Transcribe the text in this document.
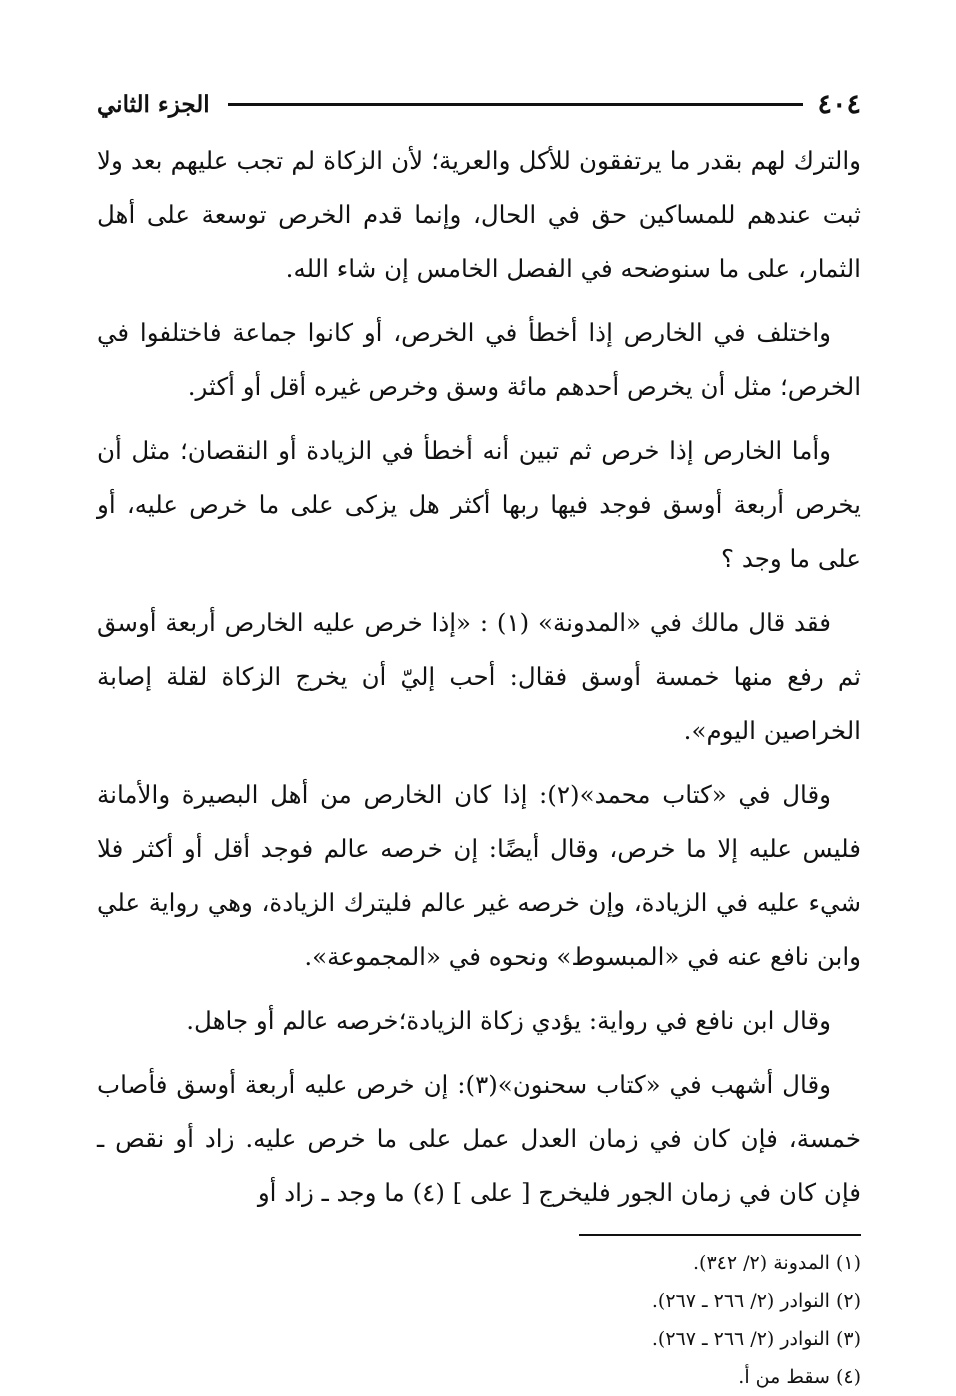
٤٠٤
الجزء الثاني

والترك لهم بقدر ما يرتفقون للأكل والعرية؛ لأن الزكاة لم تجب عليهم بعد ولا ثبت عندهم للمساكين حق في الحال، وإنما قدم الخرص توسعة على أهل الثمار، على ما سنوضحه في الفصل الخامس إن شاء الله.

واختلف في الخارص إذا أخطأ في الخرص، أو كانوا جماعة فاختلفوا في الخرص؛ مثل أن يخرص أحدهم مائة وسق وخرص غيره أقل أو أكثر.

وأما الخارص إذا خرص ثم تبين أنه أخطأ في الزيادة أو النقصان؛ مثل أن يخرص أربعة أوسق فوجد فيها ربها أكثر هل يزكى على ما خرص عليه، أو على ما وجد ؟

فقد قال مالك في «المدونة» (١) : «إذا خرص عليه الخارص أربعة أوسق ثم رفع منها خمسة أوسق فقال: أحب إليّ أن يخرج الزكاة لقلة إصابة الخراصين اليوم».

وقال في «كتاب محمد»(٢): إذا كان الخارص من أهل البصيرة والأمانة فليس عليه إلا ما خرص، وقال أيضًا: إن خرصه عالم فوجد أقل أو أكثر فلا شيء عليه في الزيادة، وإن خرصه غير عالم فليترك الزيادة، وهي رواية علي وابن نافع عنه في «المبسوط» ونحوه في «المجموعة».

وقال ابن نافع في رواية: يؤدي زكاة الزيادة؛خرصه عالم أو جاهل.

وقال أشهب في «كتاب سحنون»(٣): إن خرص عليه أربعة أوسق فأصاب خمسة، فإن كان في زمان العدل عمل على ما خرص عليه. زاد أو نقص ـ فإن كان في زمان الجور فليخرج [ على ] (٤) ما وجد ـ زاد أو

(١) المدونة (٢/ ٣٤٢).

(٢) النوادر (٢/ ٢٦٦ ـ ٢٦٧).

(٣) النوادر (٢/ ٢٦٦ ـ ٢٦٧).

(٤) سقط من أ.
